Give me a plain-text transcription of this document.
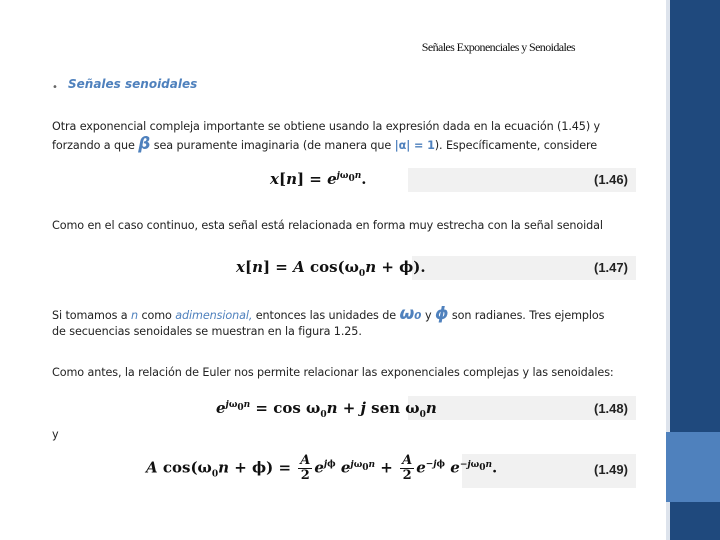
Señales Exponenciales y Senoidales
• Señales senoidales
Otra exponencial compleja importante se obtiene usando la expresión dada en la ecuación (1.45) y
forzando a que β sea puramente imaginaria (de manera que |α| = 1). Específicamente, considere
$x[n] = e^{j\omega_0n}$.	(1.46)
Como en el caso continuo, esta señal está relacionada en forma muy estrecha con la señal senoidal
x[n] = A $\cos(\omega_0n + \phi)$.	(1.47)
Si tomamos a n como adimensional, entonces las unidades de ω₀ y ϕ son radianes. Tres ejemplos
de secuencias senoidales se muestran en la figura 1.25.
Como antes, la relación de Euler nos permite relacionar las exponenciales complejas y las senoidales:
$e^{j\omega_0n} = \cos \omega_0n + j$ sen $\omega_0n$	(1.48)
y
A $\cos(\omega_0n + \phi) = \frac{A}{2} e^{j\phi}$ $e^{j\omega_0n} + \frac{A}{2} e^{-j\phi}$ $e^{-j\omega_0n}$.	(1.49)
